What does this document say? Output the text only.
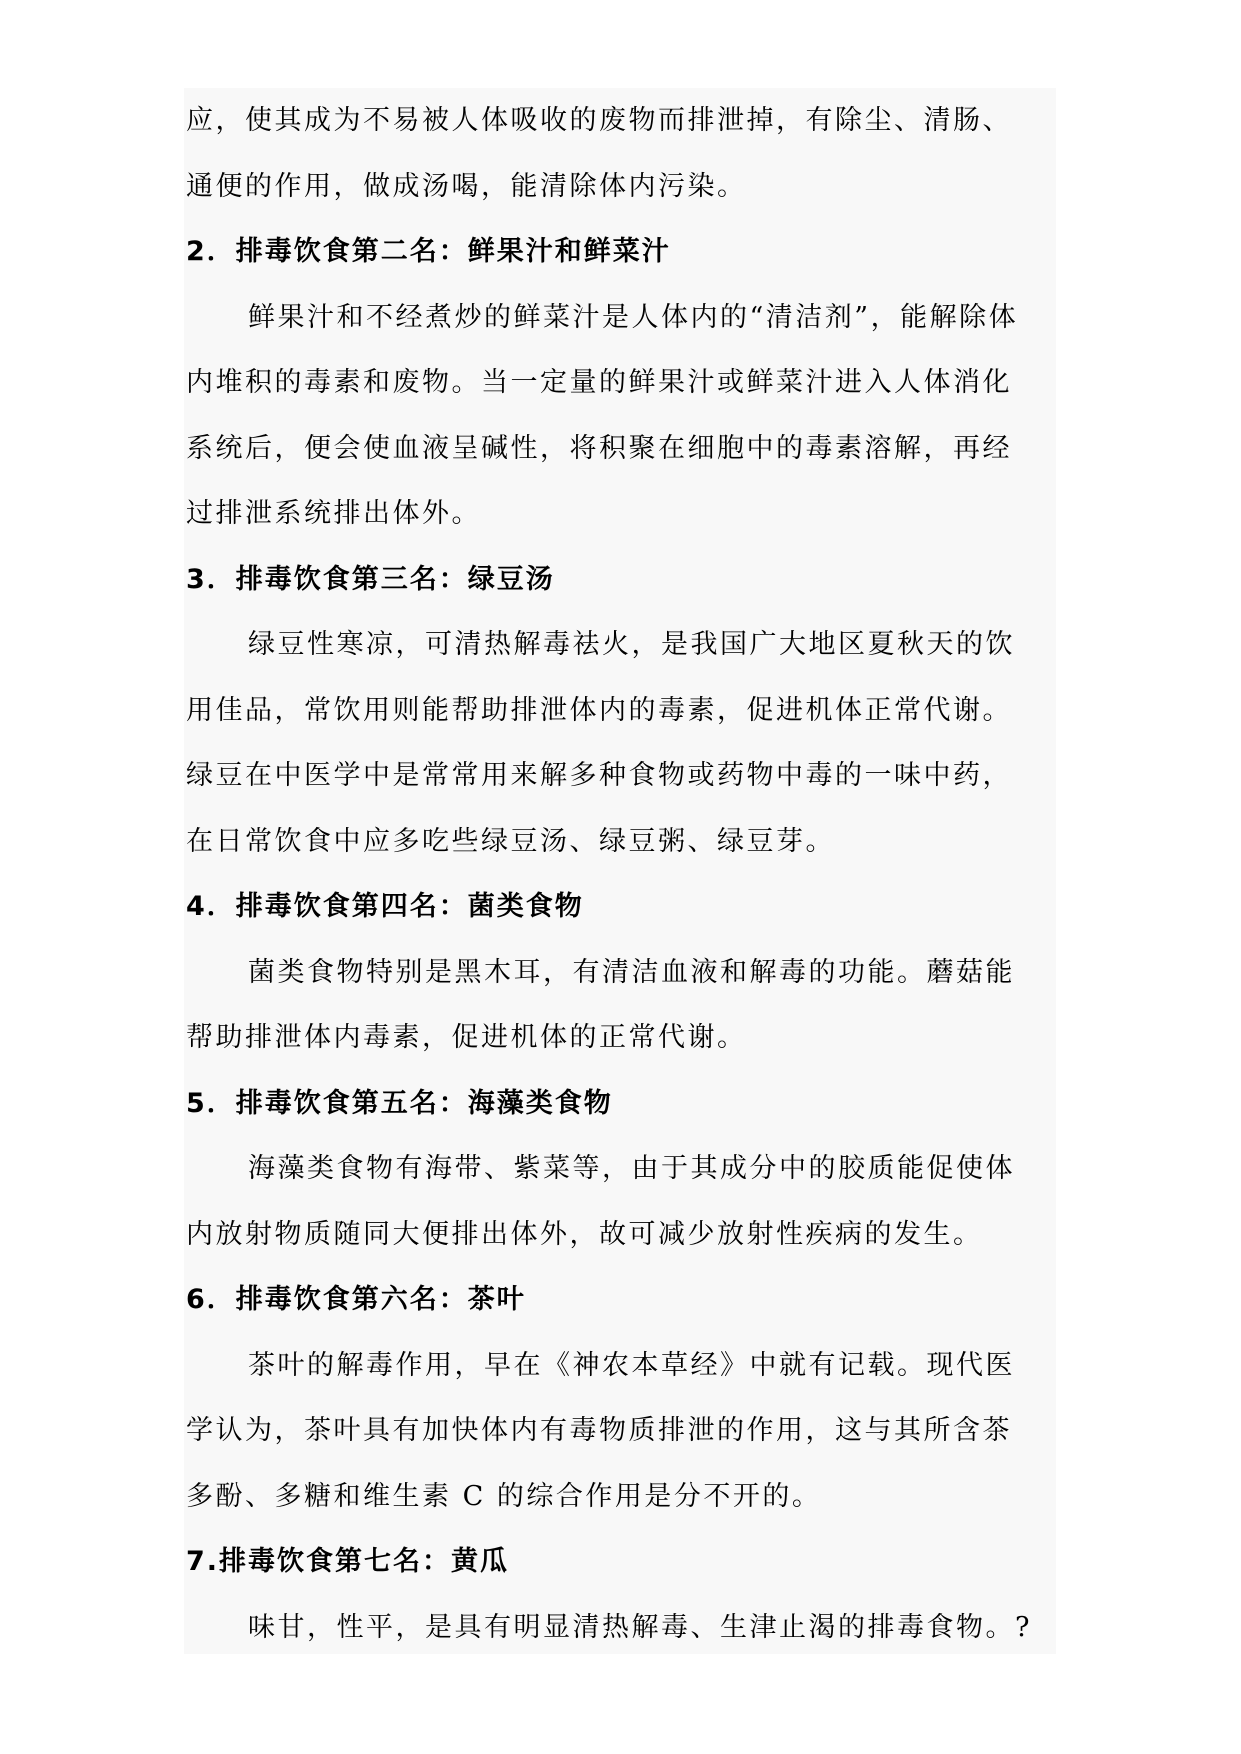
应，使其成为不易被人体吸收的废物而排泄掉，有除尘、清肠、

通便的作用，做成汤喝，能清除体内污染。

2．排毒饮食第二名：鲜果汁和鲜菜汁

鲜果汁和不经煮炒的鲜菜汁是人体内的“清洁剂”，能解除体

内堆积的毒素和废物。当一定量的鲜果汁或鲜菜汁进入人体消化

系统后，便会使血液呈碱性，将积聚在细胞中的毒素溶解，再经

过排泄系统排出体外。

3．排毒饮食第三名：绿豆汤

绿豆性寒凉，可清热解毒祛火，是我国广大地区夏秋天的饮

用佳品，常饮用则能帮助排泄体内的毒素，促进机体正常代谢。

绿豆在中医学中是常常用来解多种食物或药物中毒的一味中药，

在日常饮食中应多吃些绿豆汤、绿豆粥、绿豆芽。

4．排毒饮食第四名：菌类食物

菌类食物特别是黑木耳，有清洁血液和解毒的功能。蘑菇能

帮助排泄体内毒素，促进机体的正常代谢。

5．排毒饮食第五名：海藻类食物

海藻类食物有海带、紫菜等，由于其成分中的胶质能促使体

内放射物质随同大便排出体外，故可减少放射性疾病的发生。

6．排毒饮食第六名：茶叶

茶叶的解毒作用，早在《神农本草经》中就有记载。现代医

学认为，茶叶具有加快体内有毒物质排泄的作用，这与其所含茶

多酚、多糖和维生素 C 的综合作用是分不开的。

7.排毒饮食第七名：黄瓜

味甘，性平，是具有明显清热解毒、生津止渴的排毒食物。?
